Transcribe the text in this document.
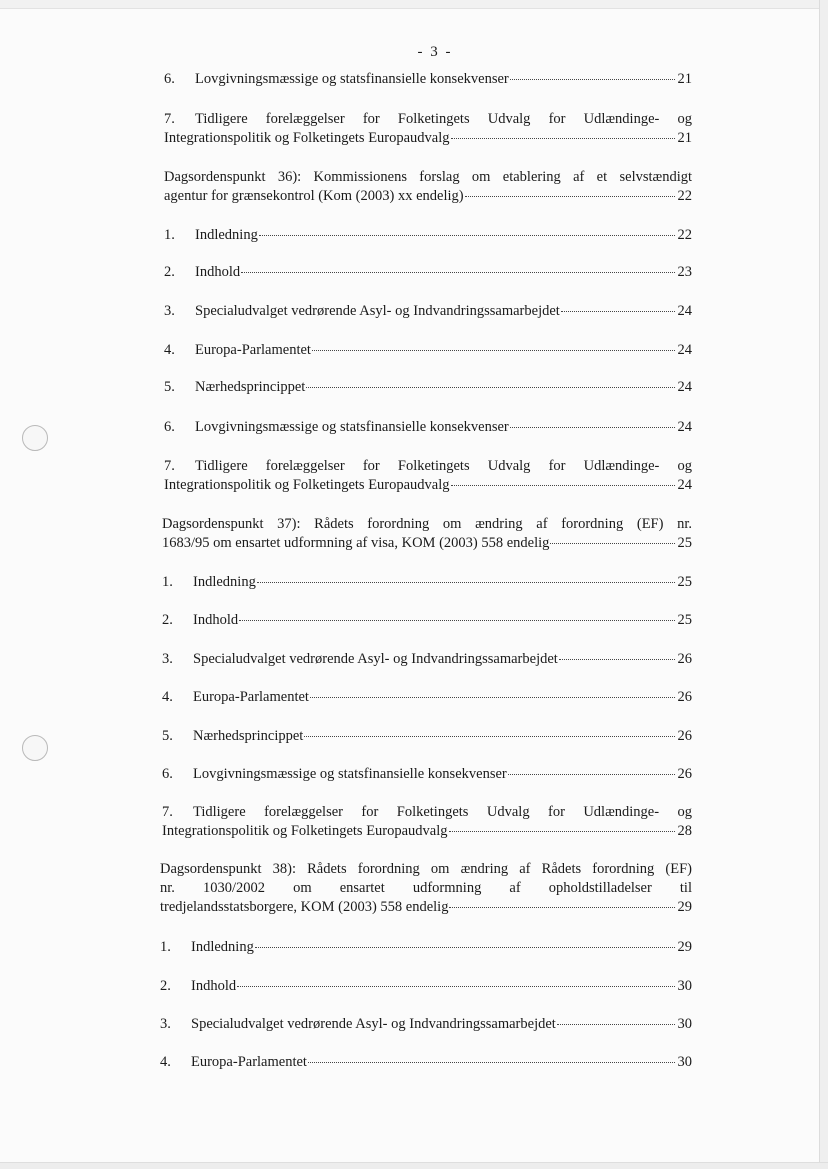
- 3 -
6.	Lovgivningsmæssige og statsfinansielle konsekvenser	21
7. Tidligere forelæggelser for Folketingets Udvalg for Udlændinge- og
Integrationspolitik og Folketingets Europaudvalg	21
Dagsordenspunkt 36): Kommissionens forslag om etablering af et selvstændigt
agentur for grænsekontrol (Kom (2003) xx endelig)	22
1.	Indledning	22
2.	Indhold	23
3.	Specialudvalget vedrørende Asyl- og Indvandringssamarbejdet	24
4.	Europa-Parlamentet	24
5.	Nærhedsprincippet	24
6.	Lovgivningsmæssige og statsfinansielle konsekvenser	24
7. Tidligere forelæggelser for Folketingets Udvalg for Udlændinge- og
Integrationspolitik og Folketingets Europaudvalg	24
Dagsordenspunkt 37): Rådets forordning om ændring af forordning (EF) nr.
1683/95 om ensartet udformning af visa, KOM (2003) 558 endelig	25
1.	Indledning	25
2.	Indhold	25
3.	Specialudvalget vedrørende Asyl- og Indvandringssamarbejdet	26
4.	Europa-Parlamentet	26
5.	Nærhedsprincippet	26
6.	Lovgivningsmæssige og statsfinansielle konsekvenser	26
7. Tidligere forelæggelser for Folketingets Udvalg for Udlændinge- og
Integrationspolitik og Folketingets Europaudvalg	28
Dagsordenspunkt 38): Rådets forordning om ændring af Rådets forordning (EF)
nr. 1030/2002 om ensartet udformning af opholdstilladelser til
tredjelandsstatsborgere, KOM (2003) 558 endelig	29
1.	Indledning	29
2.	Indhold	30
3.	Specialudvalget vedrørende Asyl- og Indvandringssamarbejdet	30
4.	Europa-Parlamentet	30
